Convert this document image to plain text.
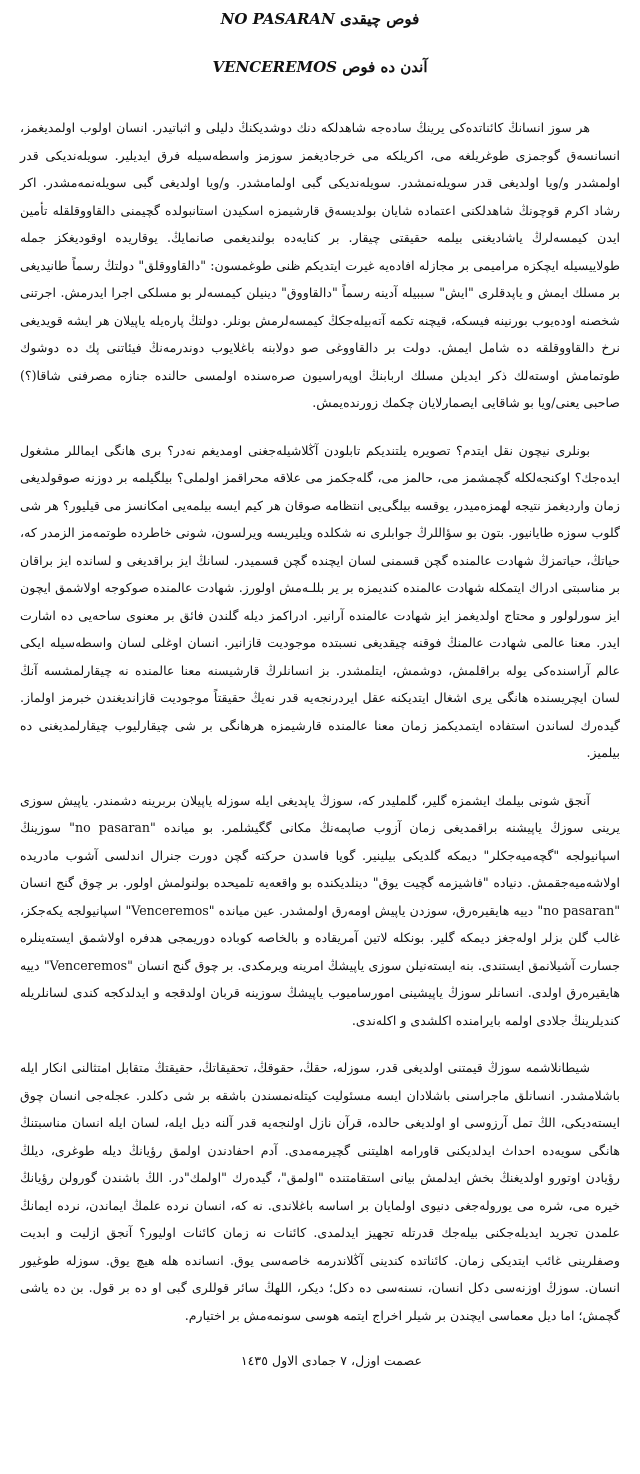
فوص چیقدی NO PASARAN
آندن ده فوص VENCEREMOS

هر سوز انسانڭ كائناتده‌كی یرینڭ ساده‌جه شاهدلكه دنك دوشدیكنڭ دلیلی و اثباتیدر. انسان اولوب اولمدیغمز، انسانسه‌ق گوجمزی طوغریلغه می، اكریلكه می خرجادیغمز سوزمز واسطه‌سیله فرق ایدیلیر. سویله‌ندیكی قدر اولمشدر و/ویا اولدیغی قدر سویله‌نمشدر. سویله‌ندیكی گبی اولمامشدر. و/ویا اولدیغی گبی سویله‌نمه‌مشدر. اكر رشاد اكرم قوچونڭ شاهدلكنی اعتماده شایان بولدیسه‌ق قارشیمزه اسكیدن استانبولده گچیمنی دالقاووقلقله تأمین ایدن كیمسه‌لرڭ یاشادیغنی بیلمه حقیقتی چیقار. بر كنایه‌ده بولندیغمی صانمایڭ. یوقاریده اوقودیغكز جمله طولاییسیله ایچكزه مرامیمی بر مجازله افاده‌یه غیرت ایتدیكم ظنی طوغمسون: "دالقاووقلق" دولتڭ رسماً طانیدیغی بر مسلك ایمش و یاپدقلری "ایش" سببیله آدینه رسماً "دالقاووق" دینیلن كیمسه‌لر بو مسلكی اجرا ایدرمش. اجرتنی شخصنه اوده‌یوب بورنینه فیسكه، قیچنه تكمه آته‌بیله‌جكڭ كیمسه‌لرمش بونلر. دولتڭ پاره‌یله یاپیلان هر ایشه قویدیغی نرخ دالقاووقلقه ده شامل ایمش. دولت بر دالقاووغی صو دولابنه باغلایوب دوندرمه‌نڭ فیئاتنی پك ده دوشوك طوتمامش اوسته‌لك ذكر ایدیلن مسلك اربابنڭ اوپه‌راسیون صره‌سنده اولمسی حالنده جنازه مصرفنی شاقا(؟) صاحبی یعنی/ویا بو شاقایی ایصمارلایان چكمك زورنده‌یمش.

بونلری نیچون نقل ایتدم؟ تصویره یلتندیكم تابلودن آڭلاشیله‌جغنی اومدیغم نه‌در؟ بری هانگی ایماللر مشغول ایده‌جك؟ اوكنجه‌لكله گچمشمز می، حالمز می، گله‌جكمز می علاقه محراقمز اولملی؟ بیلگیلمه بر دوزنه صوقولدیغی زمان واردیغمز نتیجه لهمزه‌میدر، یوقسه بیلگی‌یی انتظامه صوقان هر كیم ایسه بیلمه‌یی امكانسز می قیلیور؟ هر شی گلوب سوزه طایانیور. بتون بو سؤاللرڭ جوابلری نه شكلده ویلیریسه ویرلسون، شونی خاطرده طوتمه‌مز الزمدر كه، حیاتڭ، حیاتمزڭ شهادت عالمنده گچن قسمنی لسان ایچنده گچن قسمیدر. لسانڭ ایز براقدیغی و لسانده ایز براقان بر مناسبتی ادراك ایتمكله شهادت عالمنده كندیمزه بر یر بللـه‌مش اولورز. شهادت عالمنده صوكوجه اولاشمق ایچون ایز سورلولور و محتاج اولدیغمز ایز شهادت عالمنده آرانیر. ادراكمز دیله گلندن فائق بر معنوی ساحه‌یی ده اشارت ایدر. معنا عالمی شهادت عالمنڭ فوقنه چیقدیغی نسبتده موجودیت قازانیر. انسان اوغلی لسان واسطه‌سیله ایكی عالم آراسنده‌كی یوله براقلمش، دوشمش، ایتلمشدر. بز انسانلرڭ قارشیسنه معنا عالمنده نه چیقارلمشسه آنڭ لسان ایچریسنده هانگی یری اشغال ایتدیكنه عقل ایردرنجه‌یه قدر نه‌یڭ حقیقتاً موجودیت قازاندیغندن خبرمز اولماز. گیده‌رك لساندن استفاده ایتمدیكمز زمان معنا عالمنده قارشیمزه هرهانگی بر شی چیقارلیوب چیقارلمدیغنی ده بیلمیز.

آنجق شونی بیلمك ایشمزه گلیر، گلملیدر كه، سوزڭ یاپدیغی ایله سوزله یاپیلان بربرینه دشمندر. یاپیش سوزی یرینی سوزڭ یاپیشنه براقمدیغی زمان آزوب صاپمه‌نڭ مكانی گگیشلمر. بو میانده "no pasaran" سوزینڭ اسپانیولجه "گچه‌میه‌جكلر" دیمكه گلدیكی بیلینیر. گویا فاسدن حركته گچن دورت جنرال اندلسی آشوب مادریده اولاشه‌میه‌جقمش. دنیاده "فاشیزمه گچیت یوق" دینلدیكنده بو واقعه‌یه تلمیحده بولنولمش اولور. بر چوق گنج انسان "no pasaran" دییه هایقیره‌رق، سوزدن یاپیش اومه‌رق اولمشدر. عین میانده "Venceremos" اسپانیولجه یكه‌جكز، غالب گلن بزلر اوله‌جغز دیمكه گلیر. بونكله لاتین آمریقاده و بالخاصه كوباده دوریمجی هدفره اولاشمق ایسته‌ینلره جسارت آشیلانمق ایستندی. بنه ایسته‌نیلن سوزی یاپیشڭ امرینه ویرمكدی. بر چوق گنج انسان "Venceremos" دییه هایقیره‌رق اولدی. انسانلر سوزڭ یاپیشینی امورسامیوب یاپیشڭ سوزینه قربان اولدقجه و ایدلدكجه كندی لسانلریله كندیلرینڭ جلادی اولمه بایرامنده اكلشدی و اكله‌ندی.

شیطانلاشمه سوزڭ قیمتنی اولدیغی قدر، سوزله، حقڭ، حقوقڭ، تحقیقاتڭ، حقیقتڭ متقابل امتثالنی انكار ایله باشلامشدر. انسانلق ماجراسنی باشلادان ایسه مسئولیت كیتله‌نمسندن باشقه بر شی دكلدر. عجله‌جی انسان چوق ایسته‌دیكی، الڭ تمل آرزوسی او اولدیغی حالده، قرآن نازل اولنجه‌یه قدر آلنه دیل ایله، لسان ایله انسان مناسبتنڭ هانگی سویه‌ده احداث ایدلدیكنی قاورامه اهلیتنی گچیرمه‌مدی. آدم احفادندن اولمق رؤیانڭ دیله طوغری، دیلڭ رؤیادن اوتورو اولدیغنڭ بخش ایدلمش بیانی استقامتنده "اولمق"، گیده‌رك "اولمك"در. الڭ باشندن گورولن رؤیانڭ خیره می، شره می یوروله‌جغی دنیوی اولمایان بر اساسه باغلاندی. نه كه، انسان نرده علمڭ ایماندن، نرده ایمانڭ علمدن تجرید ایدیله‌جكنی بیله‌جك قدرتله تجهیز ایدلمدی. كائنات نه زمان كائنات اولیور؟ آنجق ازلیت و ابدیت وصفلرینی غائب ایتدیكی زمان. كائناتده كندینی آڭلاندرمه خاصه‌سی یوق. انسانده هله هیچ یوق. سوزله طوغیور انسان. سوزڭ اوزنه‌سی دكل انسان، نسنه‌سی ده دكل؛ دیكر، اللهڭ سائر قوللری گبی او ده بر قول. بن ده یاشی گچمش؛ اما دیل معماسی ایچندن بر شیلر اخراج ایتمه هوسی سونمه‌مش بر اختیارم.

عصمت اوزل، ٧ جمادی الاول ١٤٣٥
